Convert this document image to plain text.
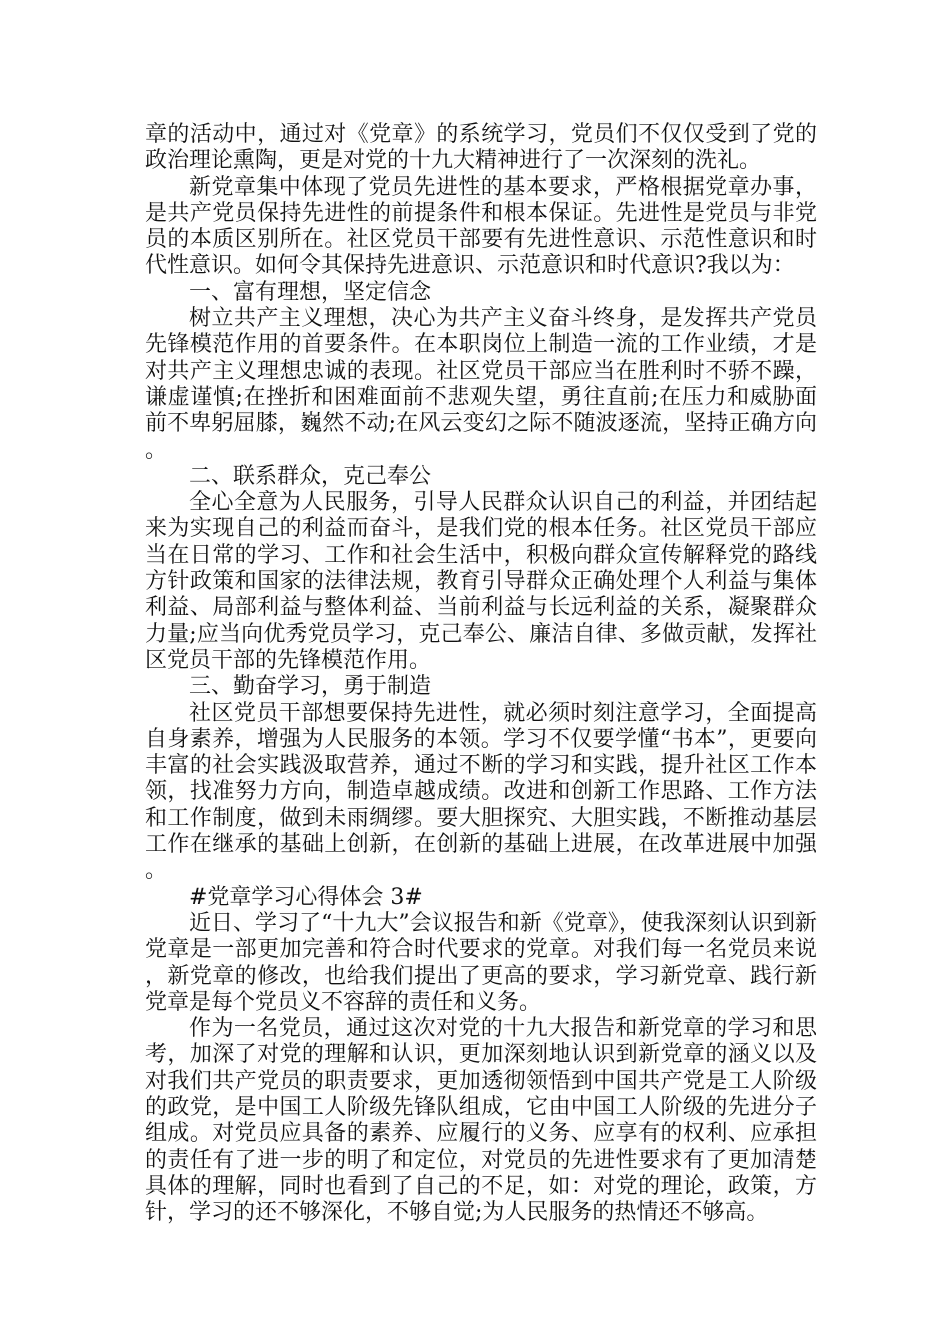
章的活动中，通过对《党章》的系统学习，党员们不仅仅受到了党的政治理论熏陶，更是对党的十九大精神进行了一次深刻的洗礼。

新党章集中体现了党员先进性的基本要求，严格根据党章办事，是共产党员保持先进性的前提条件和根本保证。先进性是党员与非党员的本质区别所在。社区党员干部要有先进性意识、示范性意识和时代性意识。如何令其保持先进意识、示范意识和时代意识?我以为：

一、富有理想，坚定信念

树立共产主义理想，决心为共产主义奋斗终身，是发挥共产党员先锋模范作用的首要条件。在本职岗位上制造一流的工作业绩，才是对共产主义理想忠诚的表现。社区党员干部应当在胜利时不骄不躁，谦虚谨慎;在挫折和困难面前不悲观失望，勇往直前;在压力和威胁面前不卑躬屈膝，巍然不动;在风云变幻之际不随波逐流，坚持正确方向。

二、联系群众，克己奉公

全心全意为人民服务，引导人民群众认识自己的利益，并团结起来为实现自己的利益而奋斗，是我们党的根本任务。社区党员干部应当在日常的学习、工作和社会生活中，积极向群众宣传解释党的路线方针政策和国家的法律法规，教育引导群众正确处理个人利益与集体利益、局部利益与整体利益、当前利益与长远利益的关系，凝聚群众力量;应当向优秀党员学习，克己奉公、廉洁自律、多做贡献，发挥社区党员干部的先锋模范作用。

三、勤奋学习，勇于制造

社区党员干部想要保持先进性，就必须时刻注意学习，全面提高自身素养，增强为人民服务的本领。学习不仅要学懂“书本”，更要向丰富的社会实践汲取营养，通过不断的学习和实践，提升社区工作本领，找准努力方向，制造卓越成绩。改进和创新工作思路、工作方法和工作制度，做到未雨绸缪。要大胆探究、大胆实践，不断推动基层工作在继承的基础上创新，在创新的基础上进展，在改革进展中加强。

#党章学习心得体会 3#

近日、学习了“十九大”会议报告和新《党章》，使我深刻认识到新党章是一部更加完善和符合时代要求的党章。对我们每一名党员来说，新党章的修改，也给我们提出了更高的要求，学习新党章、践行新党章是每个党员义不容辞的责任和义务。

作为一名党员，通过这次对党的十九大报告和新党章的学习和思考，加深了对党的理解和认识，更加深刻地认识到新党章的涵义以及对我们共产党员的职责要求，更加透彻领悟到中国共产党是工人阶级的政党，是中国工人阶级先锋队组成，它由中国工人阶级的先进分子组成。对党员应具备的素养、应履行的义务、应享有的权利、应承担的责任有了进一步的明了和定位，对党员的先进性要求有了更加清楚具体的理解，同时也看到了自己的不足，如：对党的理论，政策，方针，学习的还不够深化，不够自觉;为人民服务的热情还不够高。
